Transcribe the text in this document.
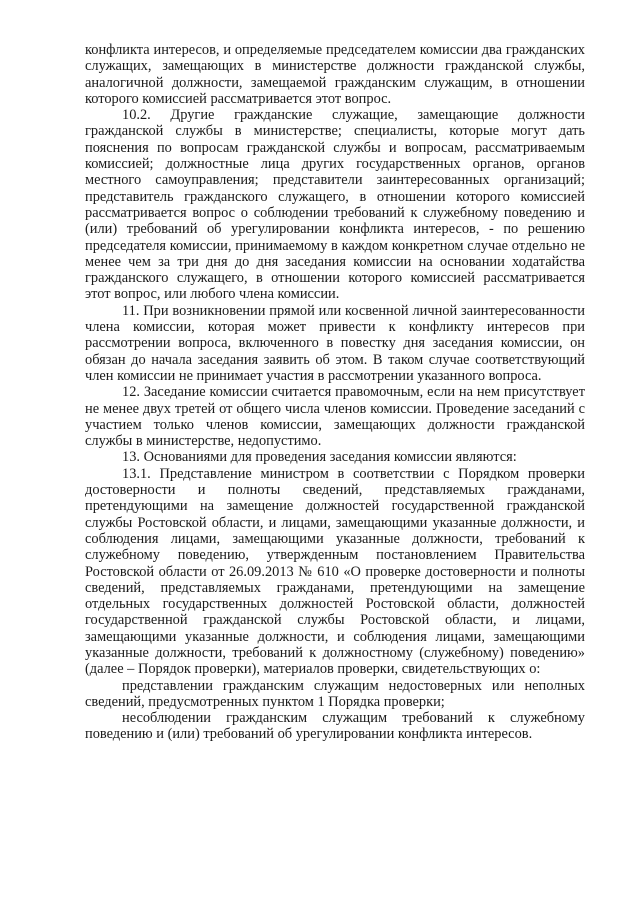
конфликта интересов, и определяемые председателем комиссии два гражданских служащих, замещающих в министерстве должности гражданской службы, аналогичной должности, замещаемой гражданским служащим, в отношении которого комиссией рассматривается этот вопрос.

10.2. Другие гражданские служащие, замещающие должности гражданской службы в министерстве; специалисты, которые могут дать пояснения по вопросам гражданской службы и вопросам, рассматриваемым комиссией; должностные лица других государственных органов, органов местного самоуправления; представители заинтересованных организаций; представитель гражданского служащего, в отношении которого комиссией рассматривается вопрос о соблюдении требований к служебному поведению и (или) требований об урегулировании конфликта интересов, - по решению председателя комиссии, принимаемому в каждом конкретном случае отдельно не менее чем за три дня до дня заседания комиссии на основании ходатайства гражданского служащего, в отношении которого комиссией рассматривается этот вопрос, или любого члена комиссии.

11. При возникновении прямой или косвенной личной заинтересованности члена комиссии, которая может привести к конфликту интересов при рассмотрении вопроса, включенного в повестку дня заседания комиссии, он обязан до начала заседания заявить об этом. В таком случае соответствующий член комиссии не принимает участия в рассмотрении указанного вопроса.

12. Заседание комиссии считается правомочным, если на нем присутствует не менее двух третей от общего числа членов комиссии. Проведение заседаний с участием только членов комиссии, замещающих должности гражданской службы в министерстве, недопустимо.

13. Основаниями для проведения заседания комиссии являются:

13.1. Представление министром в соответствии с Порядком проверки достоверности и полноты сведений, представляемых гражданами, претендующими на замещение должностей государственной гражданской службы Ростовской области, и лицами, замещающими указанные должности, и соблюдения лицами, замещающими указанные должности, требований к служебному поведению, утвержденным постановлением Правительства Ростовской области от 26.09.2013 № 610 «О проверке достоверности и полноты сведений, представляемых гражданами, претендующими на замещение отдельных государственных должностей Ростовской области, должностей государственной гражданской службы Ростовской области, и лицами, замещающими указанные должности, и соблюдения лицами, замещающими указанные должности, требований к должностному (служебному) поведению» (далее – Порядок проверки), материалов проверки, свидетельствующих о:

представлении гражданским служащим недостоверных или неполных сведений, предусмотренных пунктом 1 Порядка проверки;

несоблюдении гражданским служащим требований к служебному поведению и (или) требований об урегулировании конфликта интересов.
